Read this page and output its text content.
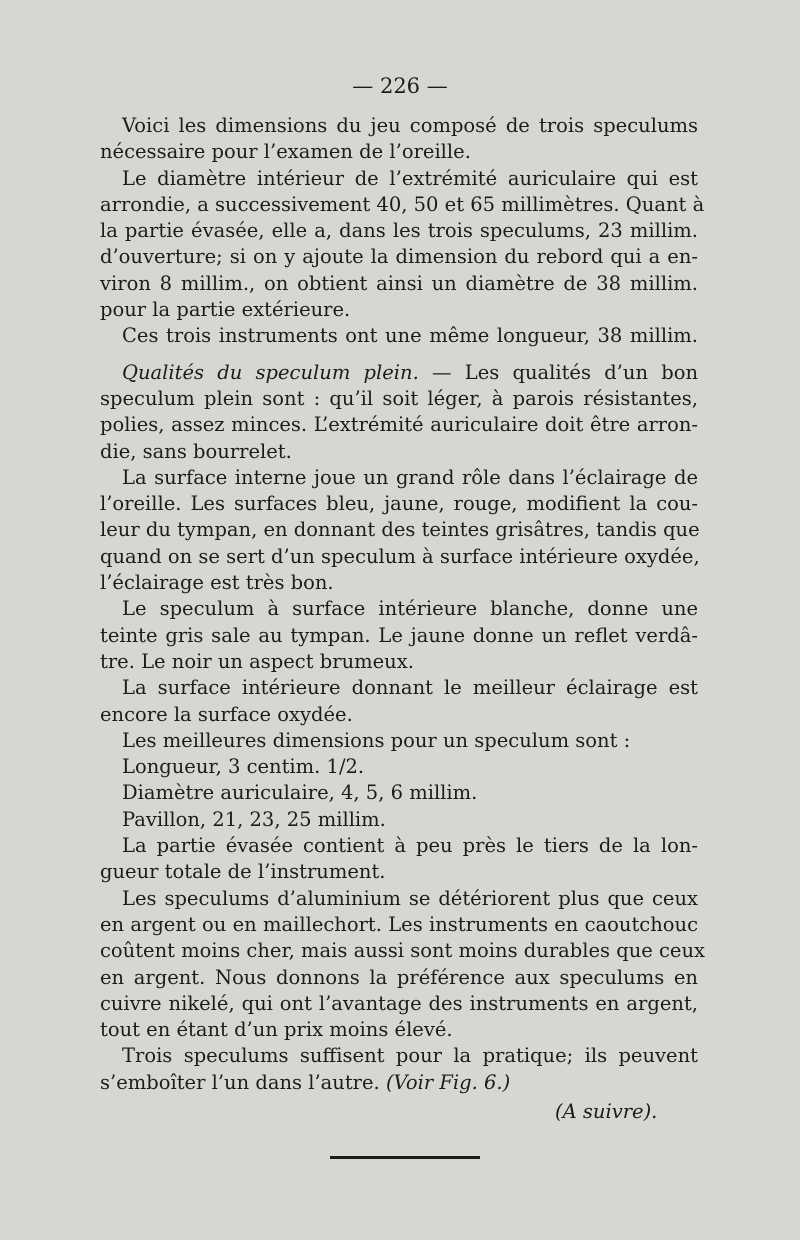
— 226 —
Voici les dimensions du jeu composé de trois speculums
nécessaire pour l’examen de l’oreille.
Le diamètre intérieur de l’extrémité auriculaire qui est
arrondie, a successivement 40, 50 et 65 millimètres. Quant à
la partie évasée, elle a, dans les trois speculums, 23 millim.
d’ouverture; si on y ajoute la dimension du rebord qui a en-
viron 8 millim., on obtient ainsi un diamètre de 38 millim.
pour la partie extérieure.
Ces trois instruments ont une même longueur, 38 millim.
Qualités du speculum plein. — Les qualités d’un bon
speculum plein sont : qu’il soit léger, à parois résistantes,
polies, assez minces. L’extrémité auriculaire doit être arron-
die, sans bourrelet.
La surface interne joue un grand rôle dans l’éclairage de
l’oreille. Les surfaces bleu, jaune, rouge, modifient la cou-
leur du tympan, en donnant des teintes grisâtres, tandis que
quand on se sert d’un speculum à surface intérieure oxydée,
l’éclairage est très bon.
Le speculum à surface intérieure blanche, donne une
teinte gris sale au tympan. Le jaune donne un reflet verdâ-
tre. Le noir un aspect brumeux.
La surface intérieure donnant le meilleur éclairage est
encore la surface oxydée.
Les meilleures dimensions pour un speculum sont :
Longueur, 3 centim. 1/2.
Diamètre auriculaire, 4, 5, 6 millim.
Pavillon, 21, 23, 25 millim.
La partie évasée contient à peu près le tiers de la lon-
gueur totale de l’instrument.
Les speculums d’aluminium se détériorent plus que ceux
en argent ou en maillechort. Les instruments en caoutchouc
coûtent moins cher, mais aussi sont moins durables que ceux
en argent. Nous donnons la préférence aux speculums en
cuivre nikelé, qui ont l’avantage des instruments en argent,
tout en étant d’un prix moins élevé.
Trois speculums suffisent pour la pratique; ils peuvent
s’emboîter l’un dans l’autre. (Voir Fig. 6.)
(A suivre).
